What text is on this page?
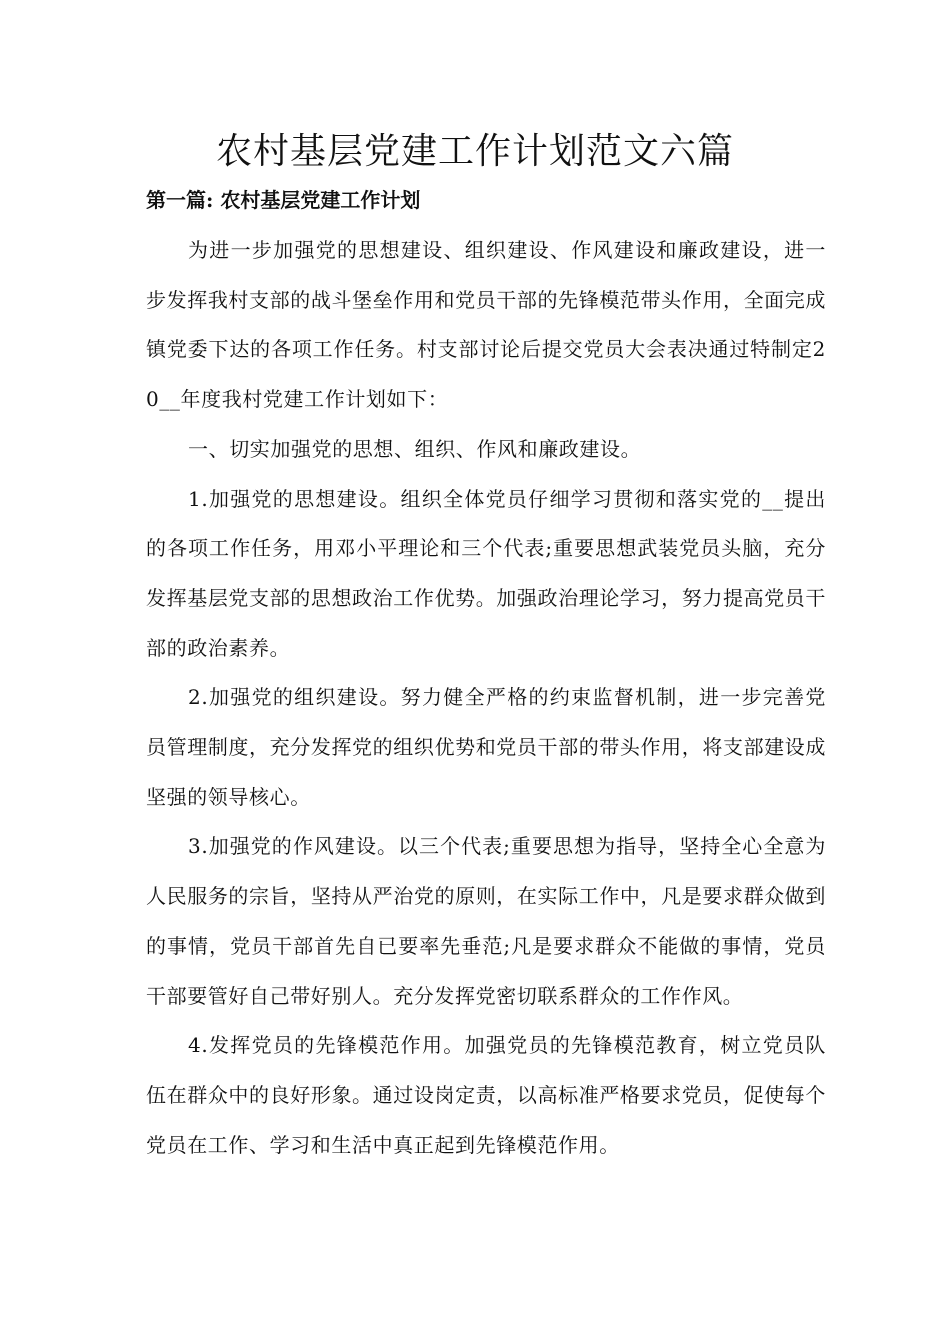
农村基层党建工作计划范文六篇
第一篇: 农村基层党建工作计划

为进一步加强党的思想建设、组织建设、作风建设和廉政建设，进一步发挥我村支部的战斗堡垒作用和党员干部的先锋模范带头作用，全面完成镇党委下达的各项工作任务。村支部讨论后提交党员大会表决通过特制定20__年度我村党建工作计划如下：

一、切实加强党的思想、组织、作风和廉政建设。

1.加强党的思想建设。组织全体党员仔细学习贯彻和落实党的__提出的各项工作任务，用邓小平理论和三个代表;重要思想武装党员头脑，充分发挥基层党支部的思想政治工作优势。加强政治理论学习，努力提高党员干部的政治素养。

2.加强党的组织建设。努力健全严格的约束监督机制，进一步完善党员管理制度，充分发挥党的组织优势和党员干部的带头作用，将支部建设成坚强的领导核心。

3.加强党的作风建设。以三个代表;重要思想为指导，坚持全心全意为人民服务的宗旨，坚持从严治党的原则，在实际工作中，凡是要求群众做到的事情，党员干部首先自已要率先垂范;凡是要求群众不能做的事情，党员干部要管好自己带好别人。充分发挥党密切联系群众的工作作风。

4.发挥党员的先锋模范作用。加强党员的先锋模范教育，树立党员队伍在群众中的良好形象。通过设岗定责，以高标准严格要求党员，促使每个党员在工作、学习和生活中真正起到先锋模范作用。
